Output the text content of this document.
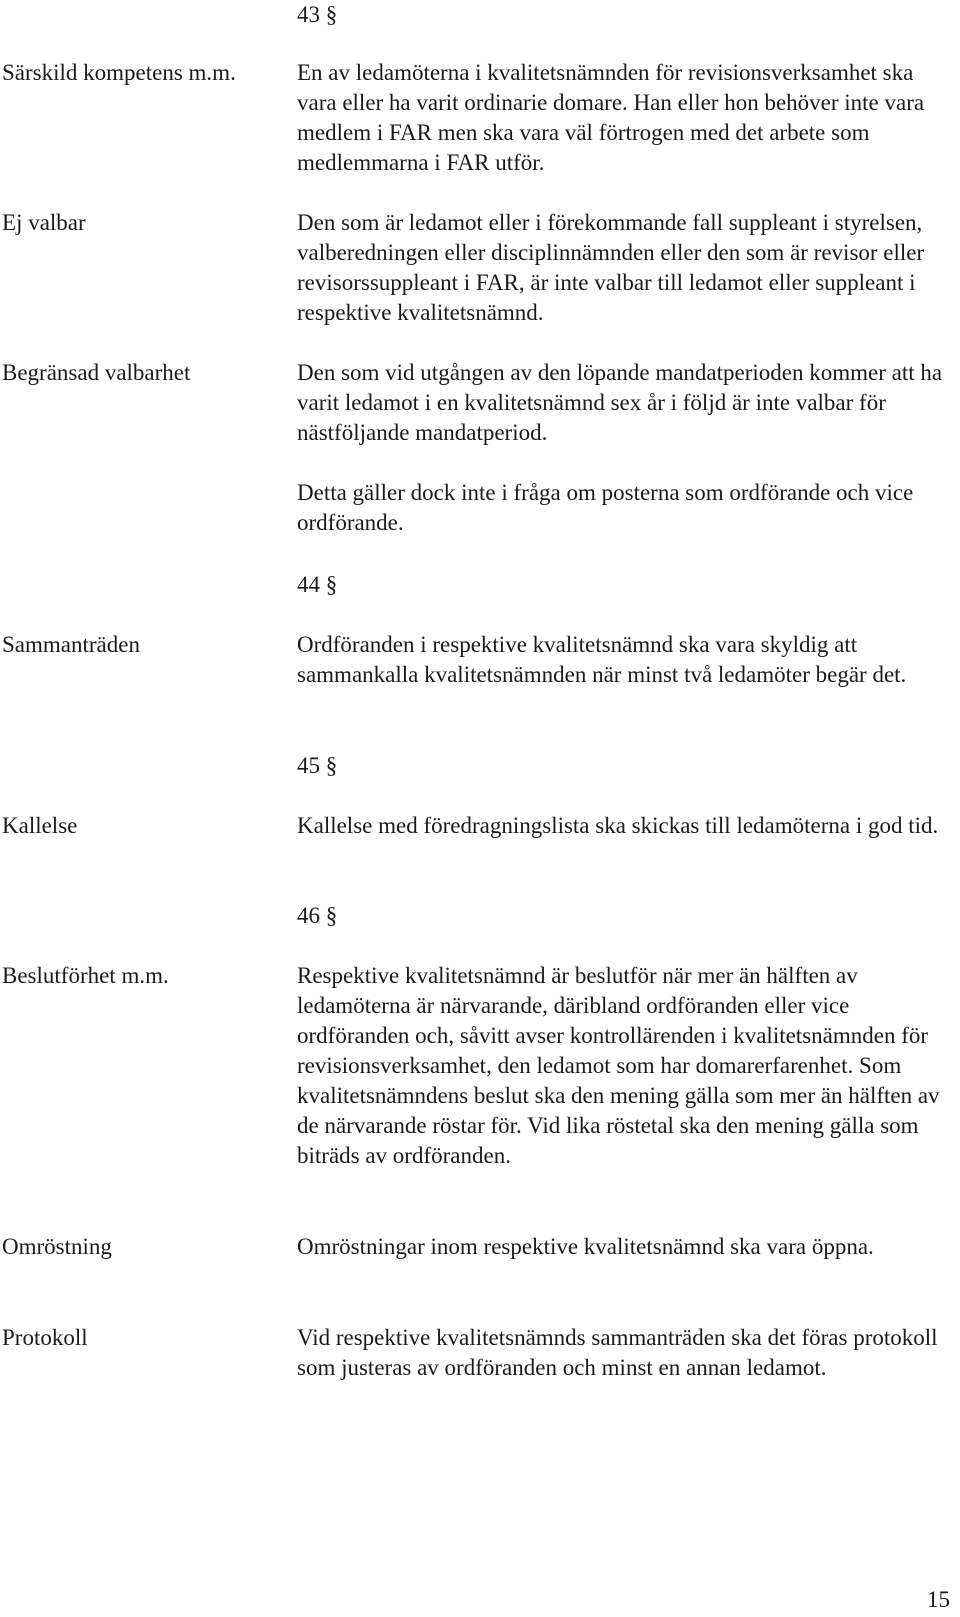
43 §

Särskild kompetens m.m.	En av ledamöterna i kvalitetsnämnden för revisionsverksamhet ska vara eller ha varit ordinarie domare. Han eller hon behöver inte vara medlem i FAR men ska vara väl förtrogen med det arbete som medlemmarna i FAR utför.

Ej valbar	Den som är ledamot eller i förekommande fall suppleant i styrelsen, valberedningen eller disciplinnämnden eller den som är revisor eller revisorssuppleant i FAR, är inte valbar till ledamot eller suppleant i respektive kvalitetsnämnd.

Begränsad valbarhet	Den som vid utgången av den löpande mandatperioden kommer att ha varit ledamot i en kvalitetsnämnd sex år i följd är inte valbar för nästföljande mandatperiod.

Detta gäller dock inte i fråga om posterna som ordförande och vice ordförande.

44 §

Sammanträden	Ordföranden i respektive kvalitetsnämnd ska vara skyldig att sammankalla kvalitetsnämnden när minst två ledamöter begär det.

45 §

Kallelse	Kallelse med föredragningslista ska skickas till ledamöterna i god tid.

46 §

Beslutförhet m.m.	Respektive kvalitetsnämnd är beslutför när mer än hälften av ledamöterna är närvarande, däribland ordföranden eller vice ordföranden och, såvitt avser kontrollärenden i kvalitetsnämnden för revisionsverksamhet, den ledamot som har domarerfarenhet. Som kvalitetsnämndens beslut ska den mening gälla som mer än hälften av de närvarande röstar för. Vid lika röstetal ska den mening gälla som biträds av ordföranden.

Omröstning	Omröstningar inom respektive kvalitetsnämnd ska vara öppna.

Protokoll	Vid respektive kvalitetsnämnds sammanträden ska det föras protokoll som justeras av ordföranden och minst en annan ledamot.

15
